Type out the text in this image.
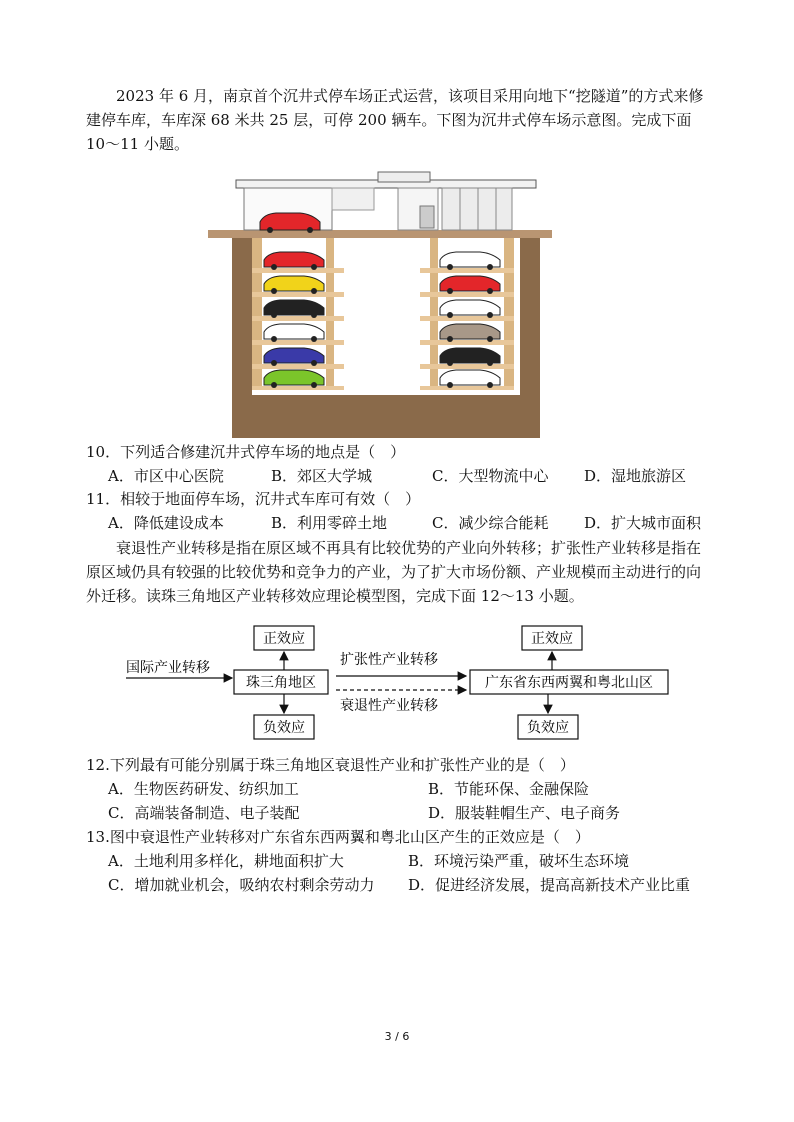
2023 年 6 月，南京首个沉井式停车场正式运营，该项目采用向地下“挖隧道”的方式来修建停车库，车库深 68 米共 25 层，可停 200 辆车。下图为沉井式停车场示意图。完成下面 10～11 小题。
10．下列适合修建沉井式停车场的地点是（　）
A．市区中心医院	B．郊区大学城	C．大型物流中心 D．湿地旅游区
11．相较于地面停车场，沉井式车库可有效（　）
A．降低建设成本	B．利用零碎土地	C．减少综合能耗 D．扩大城市面积
衰退性产业转移是指在原区域不再具有比较优势的产业向外转移；扩张性产业转移是指在原区域仍具有较强的比较优势和竞争力的产业，为了扩大市场份额、产业规模而主动进行的向外迁移。读珠三角地区产业转移效应理论模型图，完成下面 12～13 小题。
正效应
珠三角地区
负效应
正效应
广东省东西两翼和粤北山区
负效应
国际产业转移	扩张性产业转移
衰退性产业转移
12.下列最有可能分别属于珠三角地区衰退性产业和扩张性产业的是（　）
A．生物医药研发、纺织加工	B．节能环保、金融保险
C．高端装备制造、电子装配	D．服装鞋帽生产、电子商务
13.图中衰退性产业转移对广东省东西两翼和粤北山区产生的正效应是（　）
A．土地利用多样化，耕地面积扩大	B．环境污染严重，破坏生态环境
C．增加就业机会，吸纳农村剩余劳动力 D．促进经济发展，提高高新技术产业比重
3 / 6
